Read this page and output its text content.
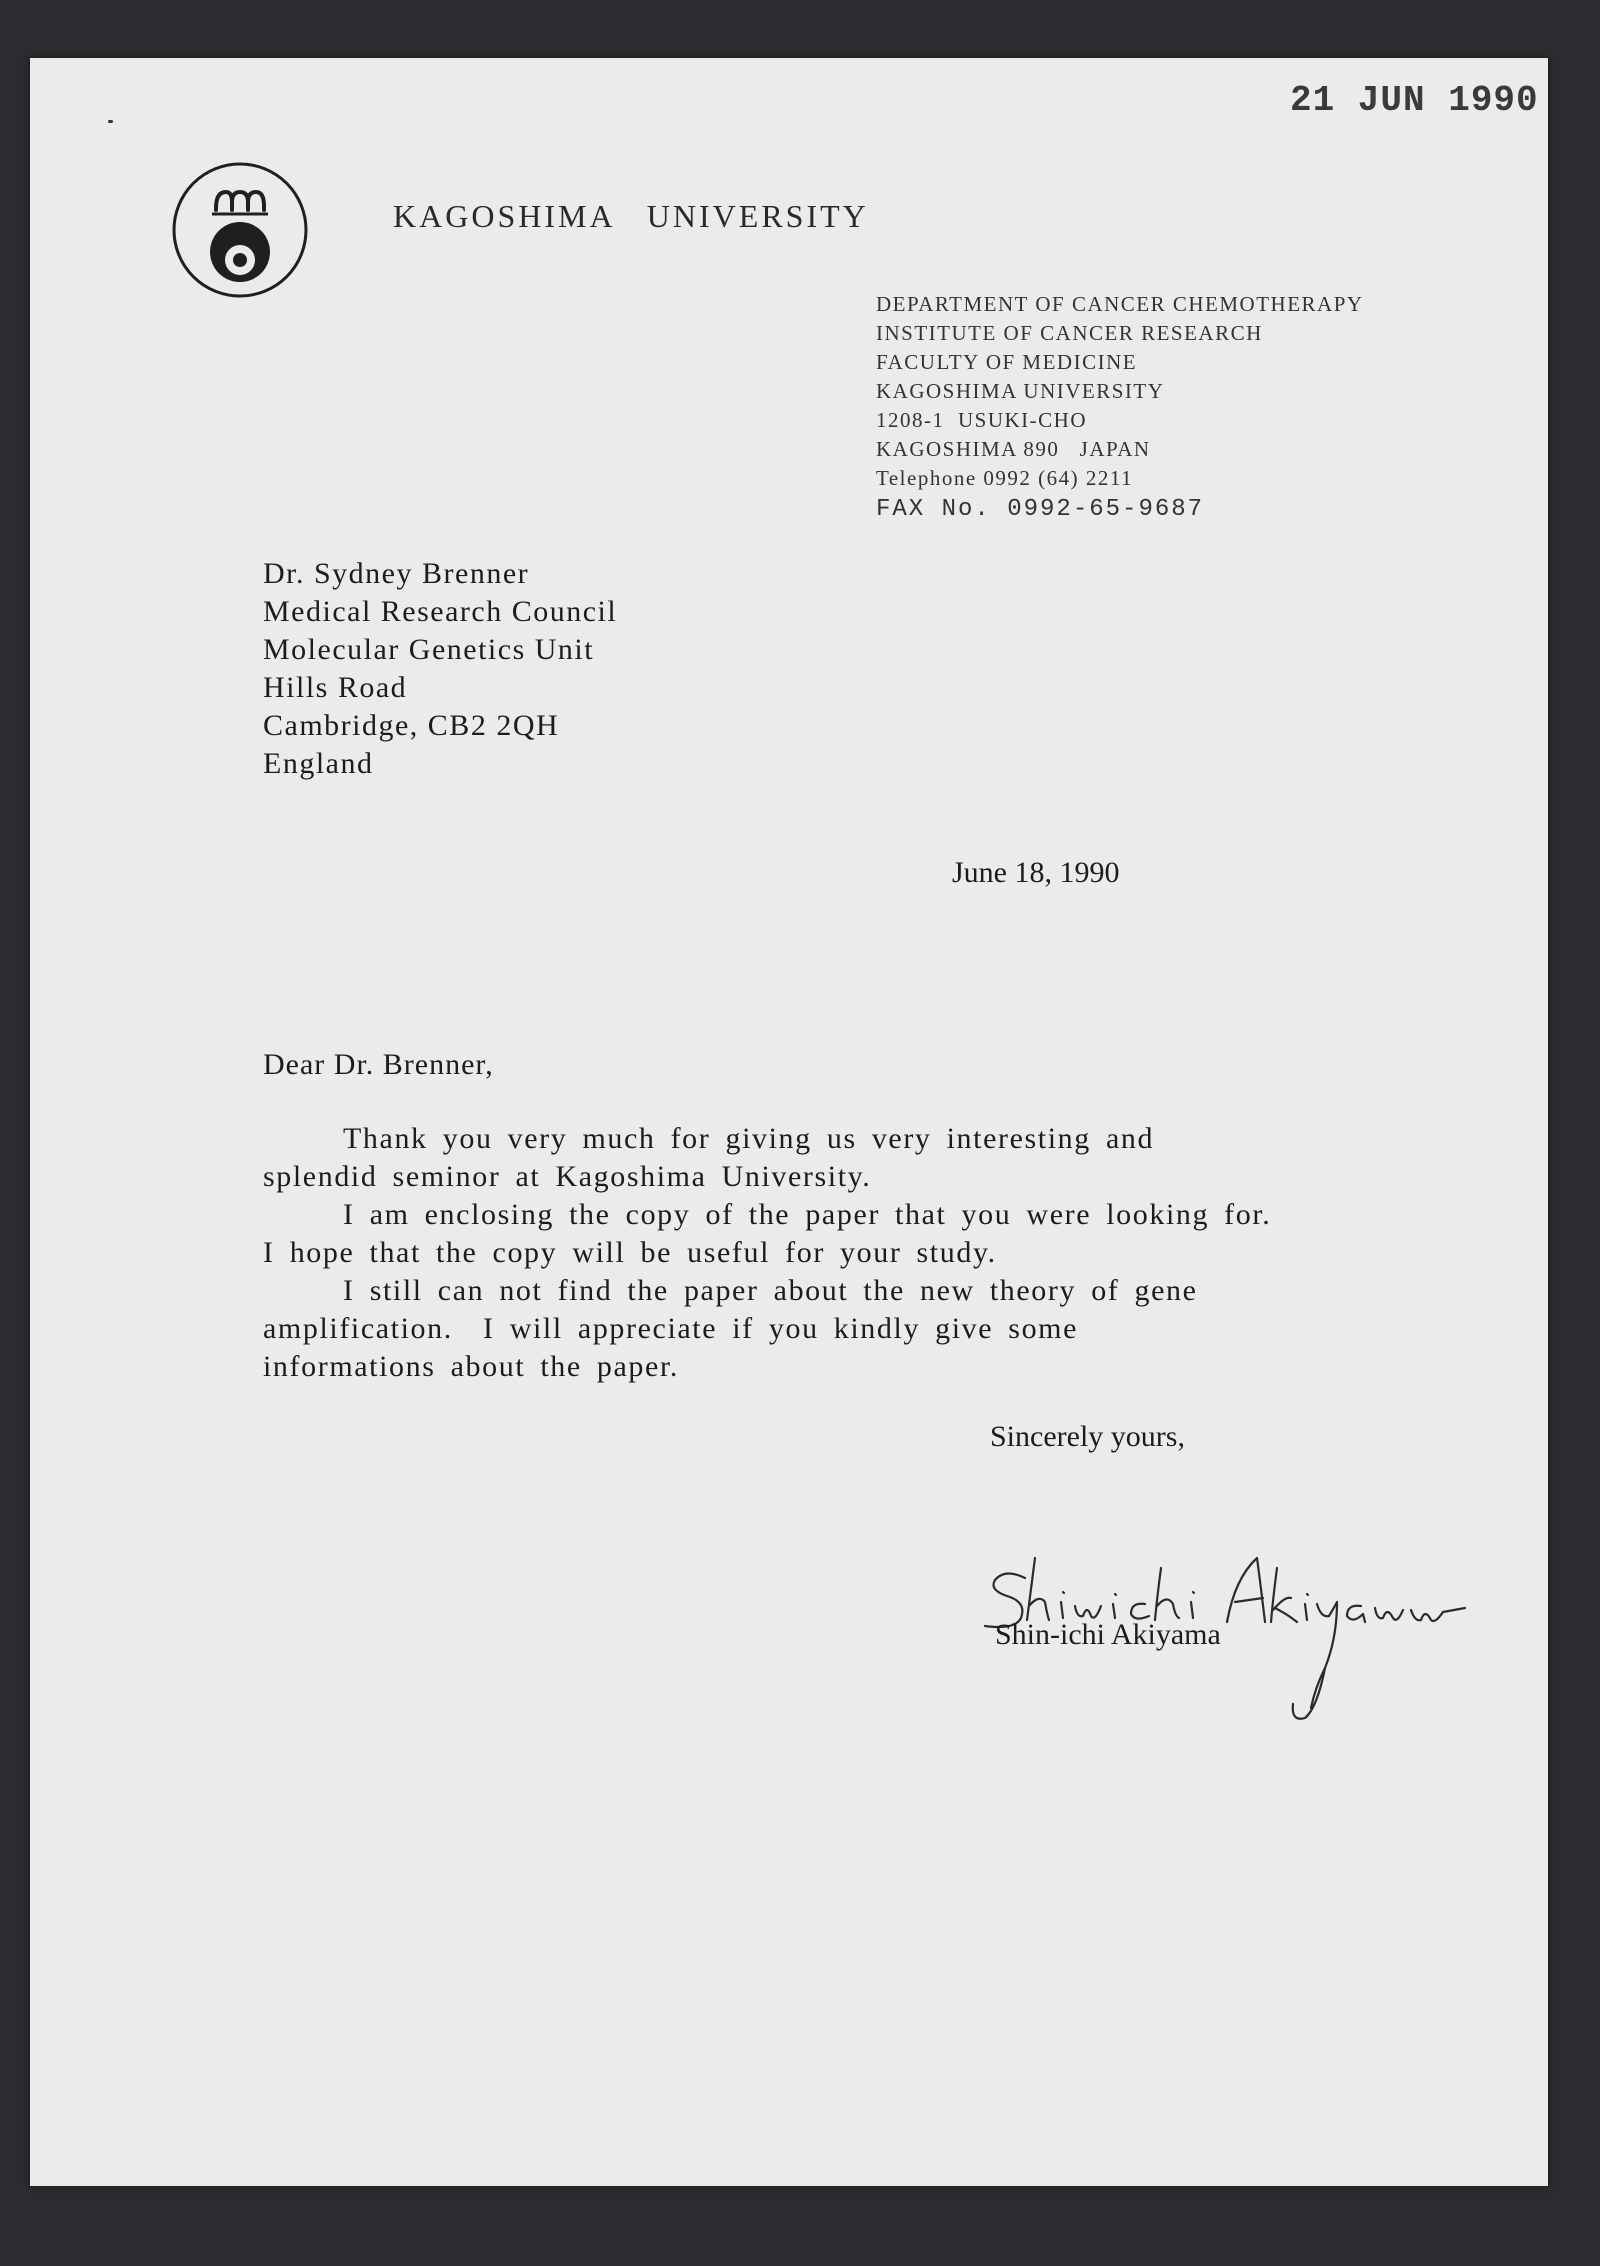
21 JUN 1990
KAGOSHIMA   UNIVERSITY
DEPARTMENT OF CANCER CHEMOTHERAPY
INSTITUTE OF CANCER RESEARCH
FACULTY OF MEDICINE
KAGOSHIMA UNIVERSITY
1208-1  USUKI-CHO
KAGOSHIMA 890   JAPAN
Telephone 0992 (64) 2211
FAX No. 0992-65-9687
Dr. Sydney Brenner
Medical Research Council
Molecular Genetics Unit
Hills Road
Cambridge, CB2 2QH
England
June 18, 1990
Dear Dr. Brenner,
Thank you very much for giving us very interesting and
splendid seminor at Kagoshima University.
I am enclosing the copy of the paper that you were looking for.
I hope that the copy will be useful for your study.
I still can not find the paper about the new theory of gene
amplification.  I will appreciate if you kindly give some
informations about the paper.
Sincerely yours,
Shin-ichi Akiyama
